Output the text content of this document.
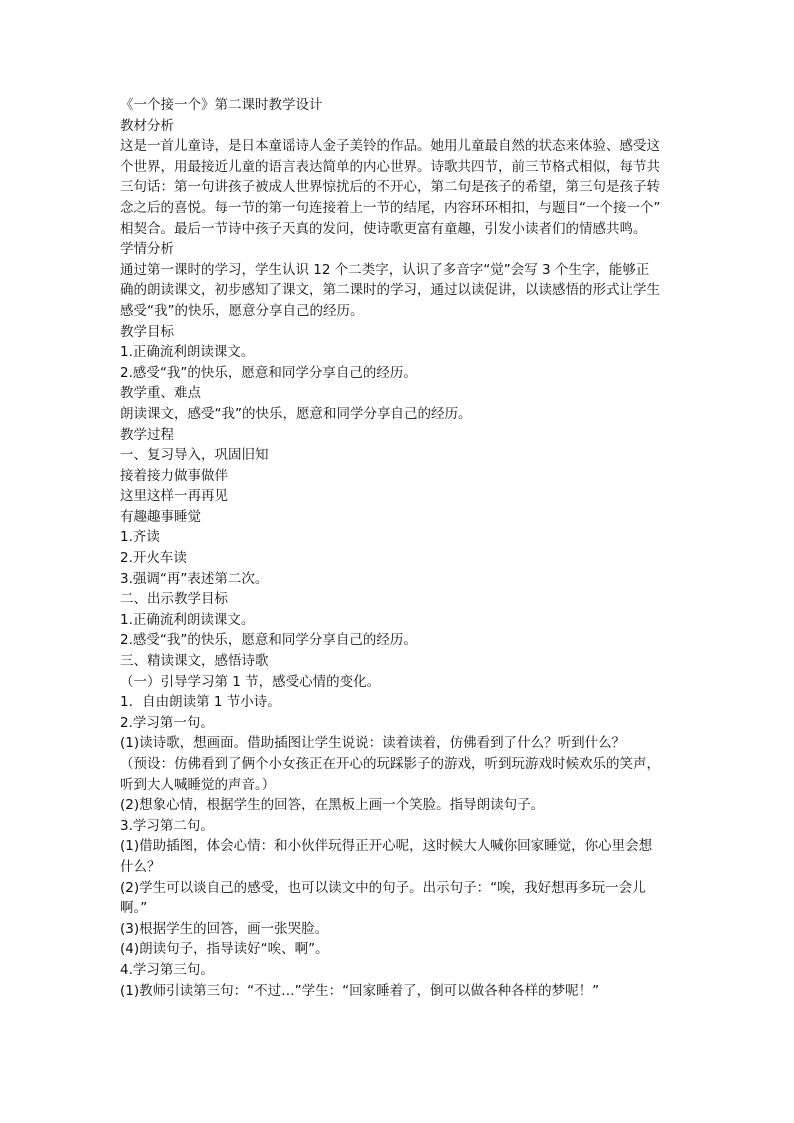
《一个接一个》第二课时教学设计
教材分析
这是一首儿童诗，是日本童谣诗人金子美铃的作品。她用儿童最自然的状态来体验、感受这
个世界，用最接近儿童的语言表达简单的内心世界。诗歌共四节，前三节格式相似，每节共
三句话：第一句讲孩子被成人世界惊扰后的不开心，第二句是孩子的希望，第三句是孩子转
念之后的喜悦。每一节的第一句连接着上一节的结尾，内容环环相扣，与题目“一个接一个”
相契合。最后一节诗中孩子天真的发问，使诗歌更富有童趣，引发小读者们的情感共鸣。
学情分析
通过第一课时的学习，学生认识 12 个二类字，认识了多音字“觉”会写 3 个生字，能够正
确的朗读课文，初步感知了课文，第二课时的学习，通过以读促讲，以读感悟的形式让学生
感受“我”的快乐，愿意分享自己的经历。
教学目标
1.正确流利朗读课文。
2.感受“我”的快乐，愿意和同学分享自己的经历。
教学重、难点
朗读课文，感受“我”的快乐，愿意和同学分享自己的经历。
教学过程
一、复习导入，巩固旧知
接着接力做事做伴
这里这样一再再见
有趣趣事睡觉
1.齐读
2.开火车读
3.强调“再”表述第二次。
二、出示教学目标
1.正确流利朗读课文。
2.感受“我”的快乐，愿意和同学分享自己的经历。
三、精读课文，感悟诗歌
（一）引导学习第 1 节，感受心情的变化。
1．自由朗读第 1 节小诗。
2.学习第一句。
(1)读诗歌，想画面。借助插图让学生说说：读着读着，仿佛看到了什么？听到什么？
（预设：仿佛看到了俩个小女孩正在开心的玩踩影子的游戏，听到玩游戏时候欢乐的笑声，
听到大人喊睡觉的声音。）
(2)想象心情，根据学生的回答，在黑板上画一个笑脸。指导朗读句子。
3.学习第二句。
(1)借助插图，体会心情：和小伙伴玩得正开心呢，这时候大人喊你回家睡觉，你心里会想
什么？
(2)学生可以谈自己的感受，也可以读文中的句子。出示句子：“唉，我好想再多玩一会儿
啊。”
(3)根据学生的回答，画一张哭脸。
(4)朗读句子，指导读好“唉、啊”。
4.学习第三句。
(1)教师引读第三句：“不过…”学生：“回家睡着了，倒可以做各种各样的梦呢！”
